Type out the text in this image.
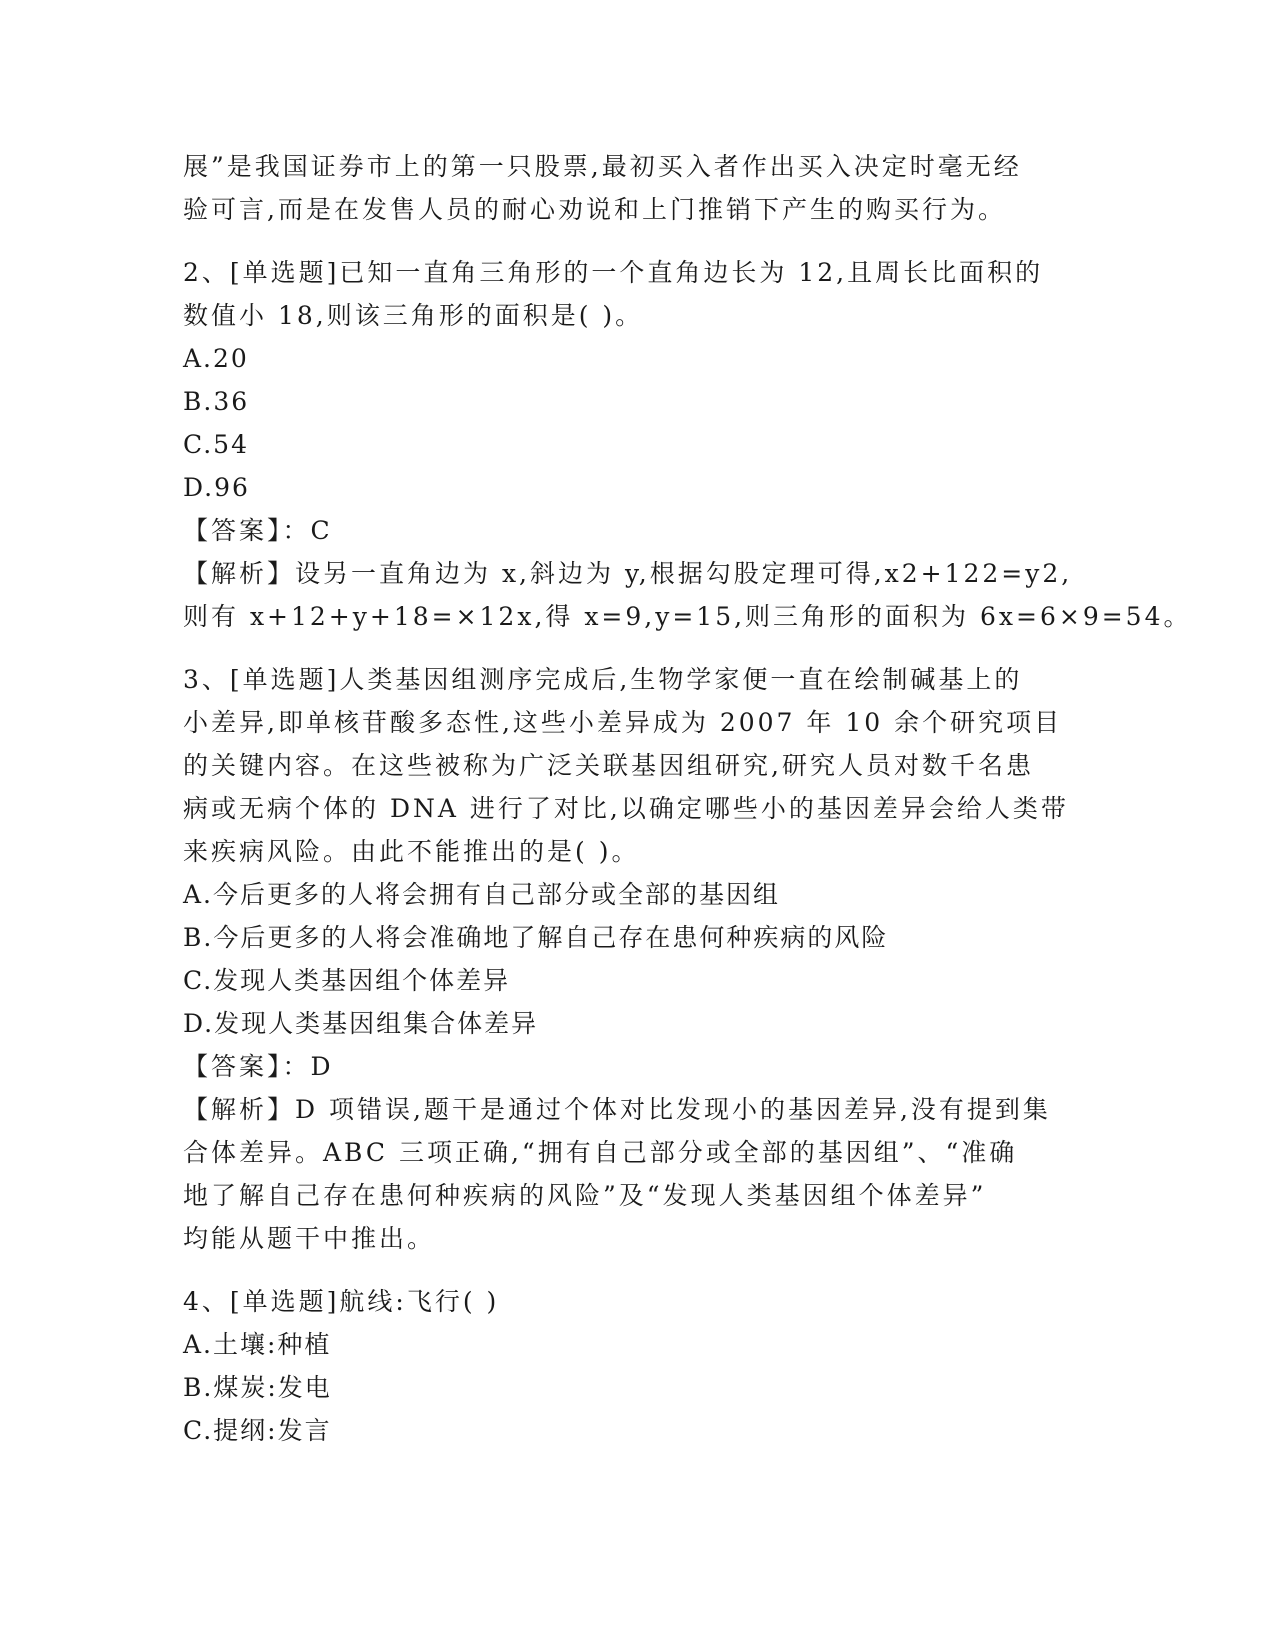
展”是我国证券市上的第一只股票,最初买入者作出买入决定时毫无经
验可言,而是在发售人员的耐心劝说和上门推销下产生的购买行为。
2、[单选题]已知一直角三角形的一个直角边长为 12,且周长比面积的
数值小 18,则该三角形的面积是( )。
A.20
B.36
C.54
D.96
【答案】：C
【解析】设另一直角边为 x,斜边为 y,根据勾股定理可得,x2+122=y2,
则有 x+12+y+18=×12x,得 x=9,y=15,则三角形的面积为 6x=6×9=54。
3、[单选题]人类基因组测序完成后,生物学家便一直在绘制碱基上的
小差异,即单核苷酸多态性,这些小差异成为 2007 年 10 余个研究项目
的关键内容。在这些被称为广泛关联基因组研究,研究人员对数千名患
病或无病个体的 DNA 进行了对比,以确定哪些小的基因差异会给人类带
来疾病风险。由此不能推出的是( )。
A.今后更多的人将会拥有自己部分或全部的基因组
B.今后更多的人将会准确地了解自己存在患何种疾病的风险
C.发现人类基因组个体差异
D.发现人类基因组集合体差异
【答案】：D
【解析】D 项错误,题干是通过个体对比发现小的基因差异,没有提到集
合体差异。ABC 三项正确,“拥有自己部分或全部的基因组”、“准确
地了解自己存在患何种疾病的风险”及“发现人类基因组个体差异”
均能从题干中推出。
4、[单选题]航线:飞行( )
A.土壤:种植
B.煤炭:发电
C.提纲:发言
